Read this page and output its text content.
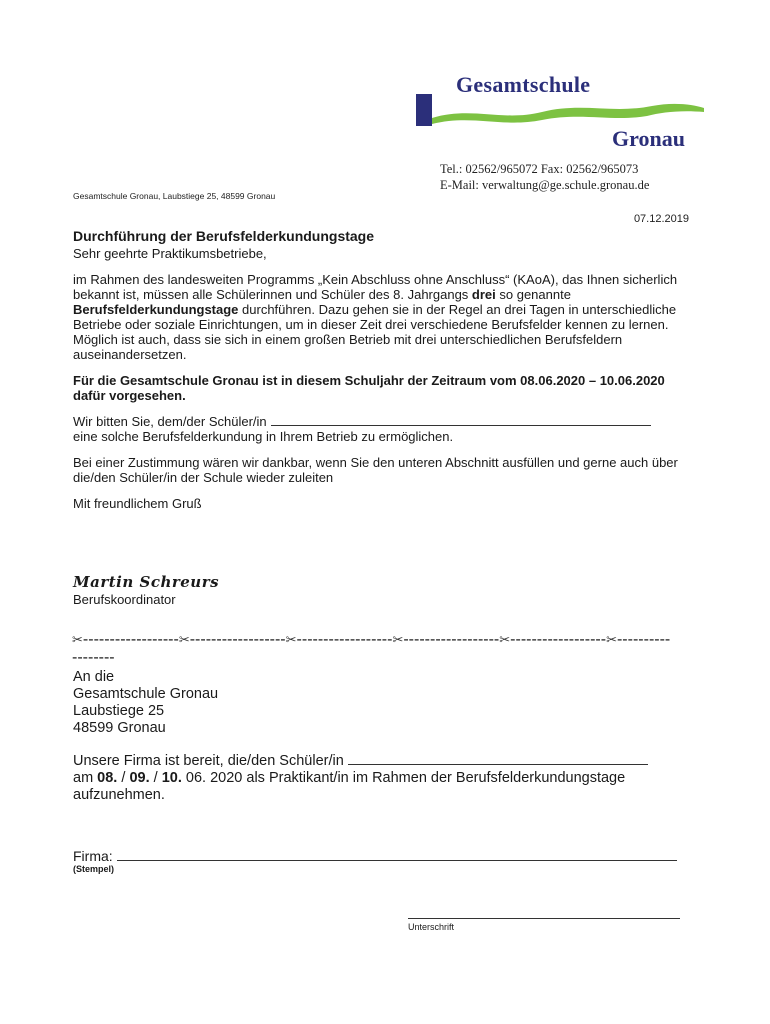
Gesamtschule
Gronau
Tel.: 02562/965072 Fax: 02562/965073
E-Mail: verwaltung@ge.schule.gronau.de
Gesamtschule Gronau, Laubstiege 25, 48599 Gronau
07.12.2019

Durchführung der Berufsfelderkundungstage

Sehr geehrte Praktikumsbetriebe,

im Rahmen des landesweiten Programms „Kein Abschluss ohne Anschluss“ (KAoA), das Ihnen sicherlich bekannt ist, müssen alle Schülerinnen und Schüler des 8. Jahrgangs drei so genannte Berufsfelderkundungstage durchführen. Dazu gehen sie in der Regel an drei Tagen in unterschiedliche Betriebe oder soziale Einrichtungen, um in dieser Zeit drei verschiedene Berufsfelder kennen zu lernen. Möglich ist auch, dass sie sich in einem großen Betrieb mit drei unterschiedlichen Berufsfeldern auseinandersetzen.

Für die Gesamtschule Gronau ist in diesem Schuljahr der Zeitraum vom 08.06.2020 – 10.06.2020 dafür vorgesehen.

Wir bitten Sie, dem/der Schüler/in
eine solche Berufsfelderkundung in Ihrem Betrieb zu ermöglichen.

Bei einer Zustimmung wären wir dankbar, wenn Sie den unteren Abschnitt ausfüllen und gerne auch über die/den Schüler/in der Schule wieder zuleiten

Mit freundlichem Gruß

Martin Schreurs
Berufskoordinator
✂------------------✂------------------✂------------------✂------------------✂------------------✂------------------
An die
Gesamtschule Gronau
Laubstiege 25
48599 Gronau

Unsere Firma ist bereit, die/den Schüler/in

am 08. / 09. / 10. 06. 2020 als Praktikant/in im Rahmen der Berufsfelderkundungstage aufzunehmen.

Firma:
(Stempel)
Unterschrift
